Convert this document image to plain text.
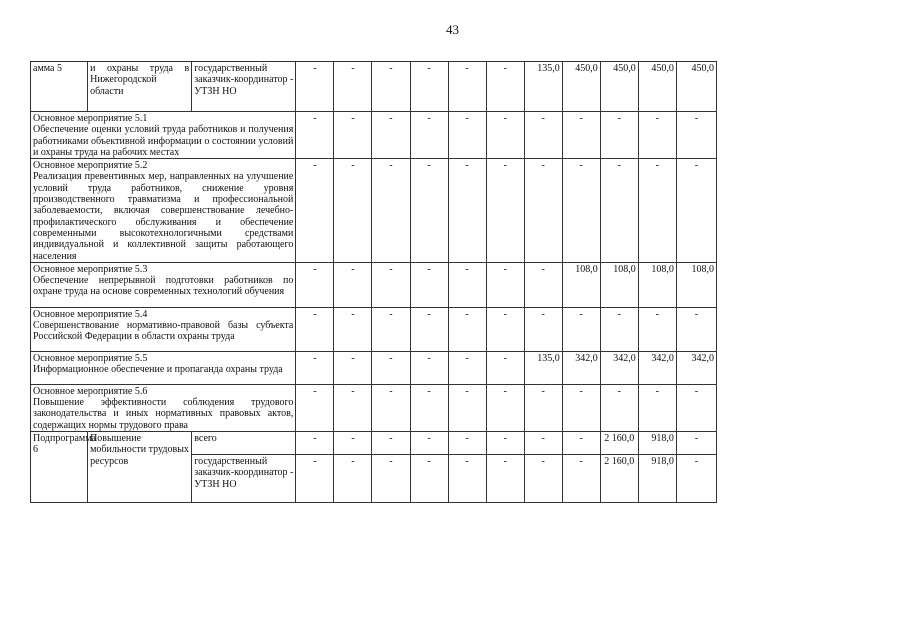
43
амма 5	и охраны труда в Нижегородской области	государственный заказчик-координатор - УТЗН НО	-	-	-	-	-	-	135,0	450,0	450,0	450,0	450,0

Основное мероприятие 5.1
Обеспечение оценки условий труда работников и получения работниками объективной информации о состоянии условий и охраны труда на рабочих местах			-	-	-	-	-	-	-	-	-	-	-

Основное мероприятие 5.2
Реализация превентивных мер, направленных на улучшение условий труда работников, снижение уровня производственного травматизма и профессиональной заболеваемости, включая совершенствование лечебно-профилактического обслуживания и обеспечение современными высокотехнологичными средствами индивидуальной и коллективной защиты работающего населения			-	-	-	-	-	-	-	-	-	-	-

Основное мероприятие 5.3
Обеспечение непрерывной подготовки работников по охране труда на основе современных технологий обучения			-	-	-	-	-	-	-	108,0	108,0	108,0	108,0

Основное мероприятие 5.4
Совершенствование нормативно-правовой базы субъекта Российской Федерации в области охраны труда			-	-	-	-	-	-	-	-	-	-	-

Основное мероприятие 5.5
Информационное обеспечение и пропаганда охраны труда			-	-	-	-	-	-	135,0	342,0	342,0	342,0	342,0

Основное мероприятие 5.6
Повышение эффективности соблюдения трудового законодательства и иных нормативных правовых актов, содержащих нормы трудового права			-	-	-	-	-	-	-	-	-	-	-
Подпрограмма 6	Повышение мобильности трудовых ресурсов	всего	-	-	-	-	-	-	-	-	2 160,0	918,0	-
		государственный заказчик-координатор - УТЗН НО	-	-	-	-	-	-	-	-	2 160,0	918,0	-
